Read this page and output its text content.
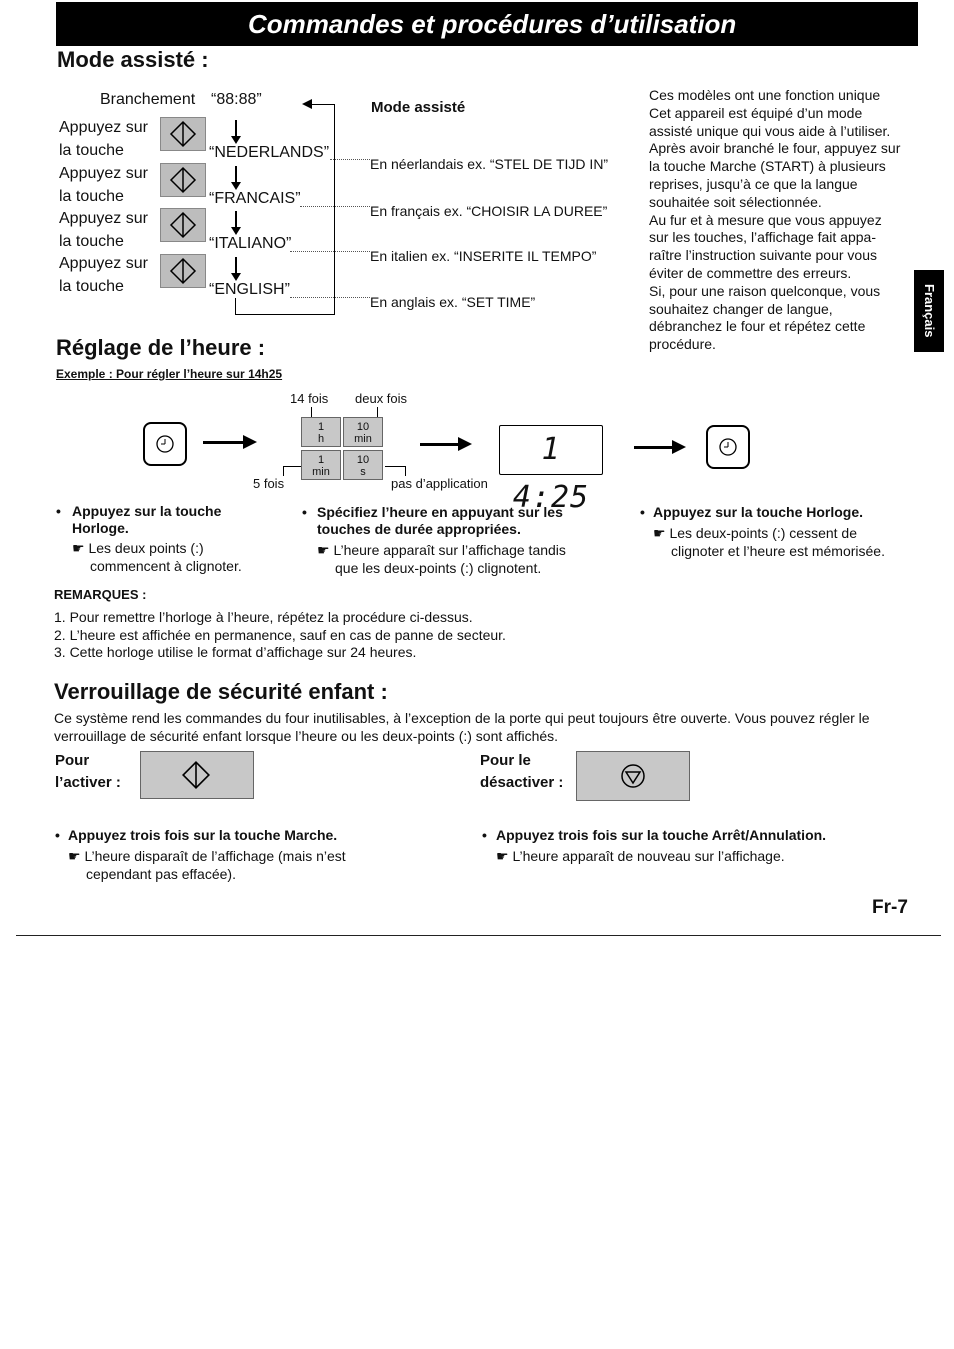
Commandes et procédures d’utilisation
Français
Mode assisté :
Branchement “88:88”
Appuyez sur
la touche	“NEDERLANDS”
Appuyez sur
la touche	“FRANCAIS”
Appuyez sur
la touche	“ITALIANO”
Appuyez sur
la touche	“ENGLISH”
Mode assisté
En néerlandais ex. “STEL DE TIJD IN”
En français ex. “CHOISIR LA DUREE”
En italien ex. “INSERITE IL TEMPO”
En anglais ex. “SET TIME”
Ces modèles ont une fonction unique
Cet appareil est équipé d’un mode
assisté unique qui vous aide à l’utiliser.
Après avoir branché le four, appuyez sur
la touche Marche (START) à plusieurs
reprises, jusqu’à ce que la langue
souhaitée soit sélectionnée.
Au fur et à mesure que vous appuyez
sur les touches, l’affichage fait appa-
raître l’instruction suivante pour vous
éviter de commettre des erreurs.
Si, pour une raison quelconque, vous
souhaitez changer de langue,
débranchez le four et répétez cette
procédure.
Réglage de l’heure :
Exemple : Pour régler l’heure sur 14h25
14 fois deux fois
5 fois	pas d’application
1
h
10
min
1
min
10
s
1 4:25
• Appuyez sur la touche
Horloge.
☛ Les deux points (:)
commencent à clignoter.
• Spécifiez l’heure en appuyant sur les
touches de durée appropriées.
☛ L’heure apparaît sur l’affichage tandis
que les deux-points (:) clignotent.
• Appuyez sur la touche Horloge.
☛ Les deux-points (:) cessent de
clignoter et l’heure est mémorisée.
REMARQUES :
1. Pour remettre l’horloge à l’heure, répétez la procédure ci-dessus.
2. L’heure est affichée en permanence, sauf en cas de panne de secteur.
3. Cette horloge utilise le format d’affichage sur 24 heures.
Verrouillage de sécurité enfant :
Ce système rend les commandes du four inutilisables, à l’exception de la porte qui peut toujours être ouverte. Vous pouvez régler le
verrouillage de sécurité enfant lorsque l’heure ou les deux-points (:) sont affichés.
Pour
l’activer :
Pour le
désactiver :
• Appuyez trois fois sur la touche Marche.
☛ L’heure disparaît de l’affichage (mais n’est
cependant pas effacée).
• Appuyez trois fois sur la touche Arrêt/Annulation.
☛ L’heure apparaît de nouveau sur l’affichage.
Fr-7
